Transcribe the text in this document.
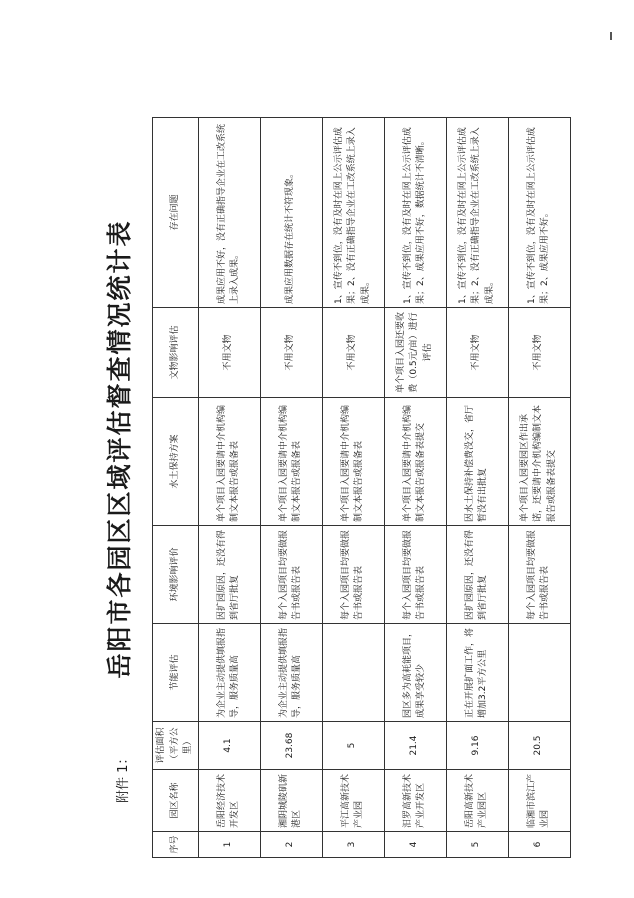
附件 1：
岳阳市各园区区域评估督查情况统计表
序号	园区名称	评估面积（平方公里）	节能评估	环境影响评价	水土保持方案	文物影响评估	存在问题
1	岳阳经济技术开发区	4.1	为企业主动提供填报指导，服务质量高	因扩园原因，还没有得到省厅批复	单个项目入园要请中介机构编制文本报告或报备表	不用文物	成果应用不好，没有正确指导企业在工改系统上录入成果。
2	湘阴城陵矶新港区	23.68	为企业主动提供填报指导，服务质量高	每个入园项目均要做报告书或报告表	单个项目入园要请中介机构编制文本报告或报备表	不用文物	成果应用数据存在统计不符现象。
3	平江高新技术产业园	5		每个入园项目均要做报告书或报告表	单个项目入园要请中介机构编制文本报告或报备表	不用文物	1、宣传不到位，没有及时在网上公示评估成果；2、没有正确指导企业在工改系统上录入成果。
4	汨罗高新技术产业开发区	21.4	园区多为高耗能项目，成果享受较少	每个入园项目均要做报告书或报告表	单个项目入园要请中介机构编制文本报告或报备表提交	单个项目入园还要收费（0.5元/亩）进行评估	1、宣传不到位，没有及时在网上公示评估成果；2、成果应用不好，数据统计不清晰。
5	岳阳高新技术产业园区	9.16	正在开展扩面工作，将增加3.2平方公里	因扩园原因，还没有得到省厅批复	因水土保持补偿费没交，省厅暂没有出批复	不用文物	1、宣传不到位，没有及时在网上公示评估成果；2、没有正确指导企业在工改系统上录入成果。
6	临湘市滨江产业园	20.5		每个入园项目均要做报告书或报告表	单个项目入园要园区作出承诺，还要请中介机构编制文本报告或报备表提交	不用文物	1、宣传不到位，没有及时在网上公示评估成果；2、成果应用不好。
